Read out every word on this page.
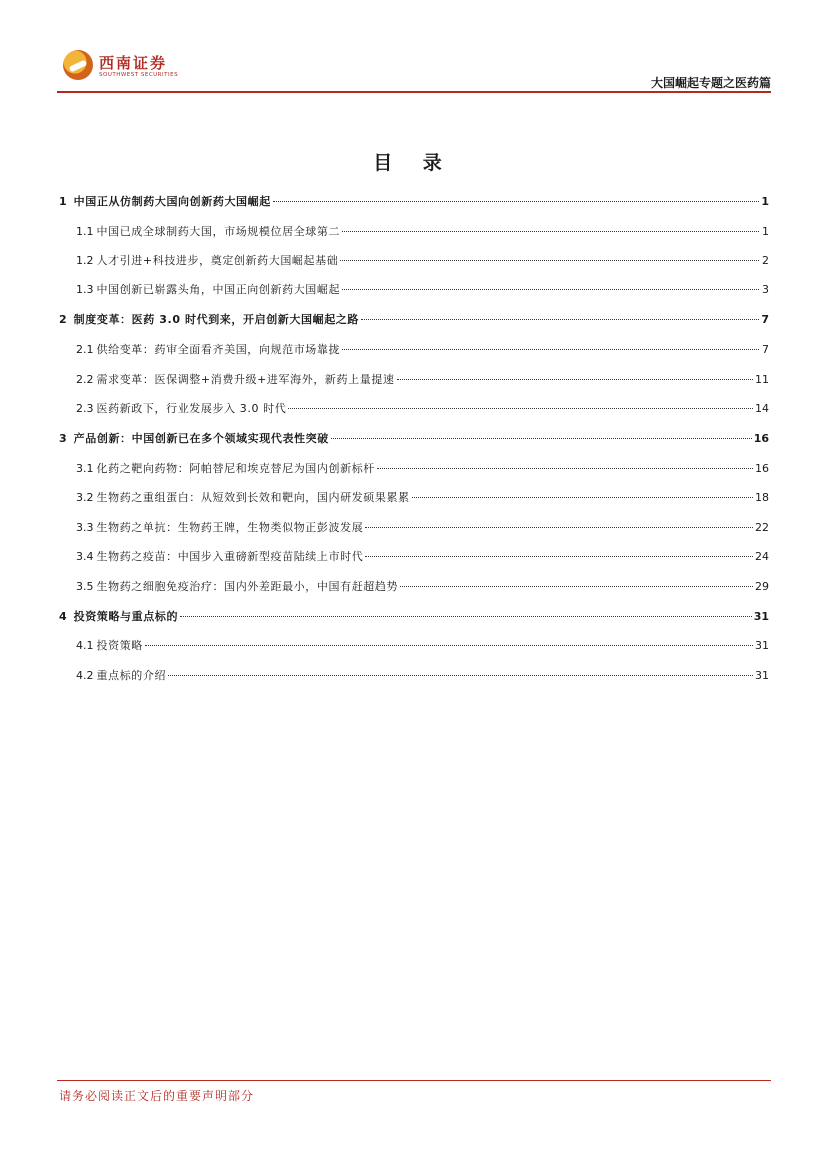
西南证券
SOUTHWEST SECURITIES
大国崛起专题之医药篇
目 录
1 中国正从仿制药大国向创新药大国崛起	1
1.1 中国已成全球制药大国，市场规模位居全球第二	1
1.2 人才引进+科技进步，奠定创新药大国崛起基础	2
1.3 中国创新已崭露头角，中国正向创新药大国崛起	3
2 制度变革：医药 3.0 时代到来，开启创新大国崛起之路	7
2.1 供给变革：药审全面看齐美国，向规范市场靠拢	7
2.2 需求变革：医保调整+消费升级+进军海外，新药上量提速	11
2.3 医药新政下，行业发展步入 3.0 时代	14
3 产品创新：中国创新已在多个领域实现代表性突破	16
3.1 化药之靶向药物：阿帕替尼和埃克替尼为国内创新标杆	16
3.2 生物药之重组蛋白：从短效到长效和靶向，国内研发硕果累累	18
3.3 生物药之单抗：生物药王牌，生物类似物正彭波发展	22
3.4 生物药之疫苗：中国步入重磅新型疫苗陆续上市时代	24
3.5 生物药之细胞免疫治疗：国内外差距最小，中国有赶超趋势	29
4 投资策略与重点标的	31
4.1 投资策略	31
4.2 重点标的介绍	31
请务必阅读正文后的重要声明部分
